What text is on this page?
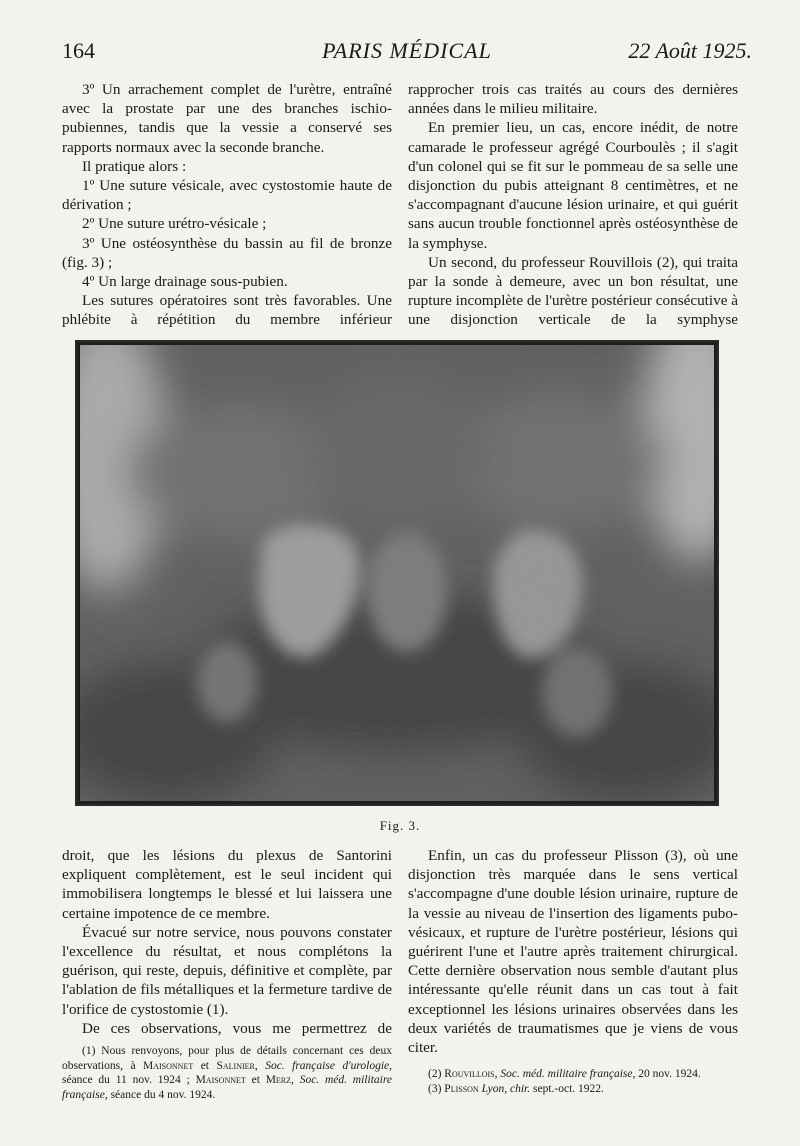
164	PARIS MÉDICAL	22 Août 1925.

3º Un arrachement complet de l'urètre, entraîné avec la prostate par une des branches ischio-pubiennes, tandis que la vessie a conservé ses rapports normaux avec la seconde branche.

Il pratique alors :

1º Une suture vésicale, avec cystostomie haute de dérivation ;

2º Une suture urétro-vésicale ;

3º Une ostéosynthèse du bassin au fil de bronze (fig. 3) ;

4º Un large drainage sous-pubien.

Les sutures opératoires sont très favorables. Une phlébite à répétition du membre inférieur

rapprocher trois cas traités au cours des dernières années dans le milieu militaire.

En premier lieu, un cas, encore inédit, de notre camarade le professeur agrégé Courboulès ; il s'agit d'un colonel qui se fit sur le pommeau de sa selle une disjonction du pubis atteignant 8 centimètres, et ne s'accompagnant d'aucune lésion urinaire, et qui guérit sans aucun trouble fonctionnel après ostéosynthèse de la symphyse.

Un second, du professeur Rouvillois (2), qui traita par la sonde à demeure, avec un bon résultat, une rupture incomplète de l'urètre postérieur consécutive à une disjonction verticale de la symphyse

Fig. 3.

droit, que les lésions du plexus de Santorini expliquent complètement, est le seul incident qui immobilisera longtemps le blessé et lui laissera une certaine impotence de ce membre.

Évacué sur notre service, nous pouvons constater l'excellence du résultat, et nous complétons la guérison, qui reste, depuis, définitive et complète, par l'ablation de fils métalliques et la fermeture tardive de l'orifice de cystostomie (1).

De ces observations, vous me permettrez de

(1) Nous renvoyons, pour plus de détails concernant ces deux observations, à Maisonnet et Salinier, Soc. française d'urologie, séance du 11 nov. 1924 ; Maisonnet et Merz, Soc. méd. militaire française, séance du 4 nov. 1924.

Enfin, un cas du professeur Plisson (3), où une disjonction très marquée dans le sens vertical s'accompagne d'une double lésion urinaire, rupture de la vessie au niveau de l'insertion des ligaments pubo-vésicaux, et rupture de l'urètre postérieur, lésions qui guérirent l'une et l'autre après traitement chirurgical. Cette dernière observation nous semble d'autant plus intéressante qu'elle réunit dans un cas tout à fait exceptionnel les lésions urinaires observées dans les deux variétés de traumatismes que je viens de vous citer.

(2) Rouvillois, Soc. méd. militaire française, 20 nov. 1924.

(3) Plisson Lyon, chir. sept.-oct. 1922.
